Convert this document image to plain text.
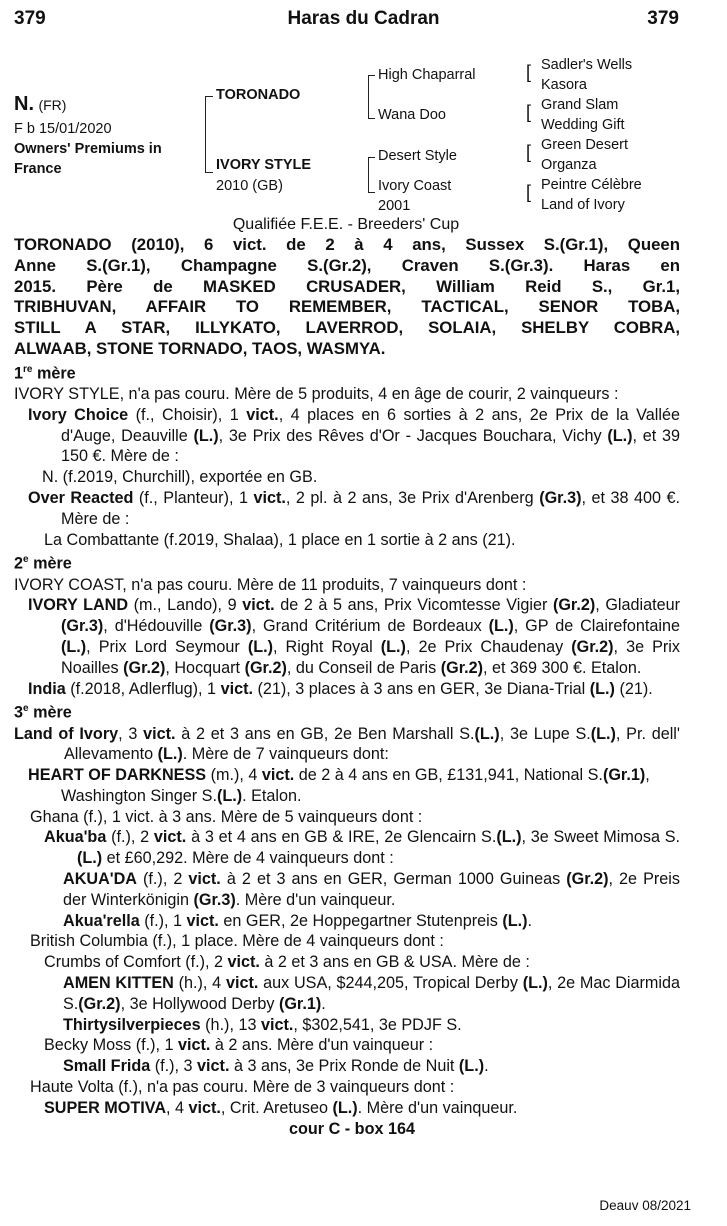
379	Haras du Cadran	379
N. (FR)
F b 15/01/2020
Owners' Premiums in
France
TORONADO
IVORY STYLE
2010 (GB)
High Chaparral
Wana Doo
Desert Style
Ivory Coast
2001
[ Sadler's Wells
Kasora
[ Grand Slam
Wedding Gift
[ Green Desert
Organza
[ Peintre Célèbre
Land of Ivory
Qualifiée F.E.E. - Breeders' Cup

TORONADO (2010), 6 vict. de 2 à 4 ans, Sussex S.(Gr.1), Queen

Anne S.(Gr.1), Champagne S.(Gr.2), Craven S.(Gr.3). Haras en

2015. Père de MASKED CRUSADER, William Reid S., Gr.1,

TRIBHUVAN, AFFAIR TO REMEMBER, TACTICAL, SENOR TOBA,

STILL A STAR, ILLYKATO, LAVERROD, SOLAIA, SHELBY COBRA,

ALWAAB, STONE TORNADO, TAOS, WASMYA.

1re mère

IVORY STYLE, n'a pas couru. Mère de 5 produits, 4 en âge de courir, 2 vainqueurs :

Ivory Choice (f., Choisir), 1 vict., 4 places en 6 sorties à 2 ans, 2e Prix de la Vallée d'Auge, Deauville (L.), 3e Prix des Rêves d'Or - Jacques Bouchara, Vichy (L.), et 39 150 €. Mère de :

N. (f.2019, Churchill), exportée en GB.

Over Reacted (f., Planteur), 1 vict., 2 pl. à 2 ans, 3e Prix d'Arenberg (Gr.3), et 38 400 €. Mère de :

La Combattante (f.2019, Shalaa), 1 place en 1 sortie à 2 ans (21).

2e mère

IVORY COAST, n'a pas couru. Mère de 11 produits, 7 vainqueurs dont :

IVORY LAND (m., Lando), 9 vict. de 2 à 5 ans, Prix Vicomtesse Vigier (Gr.2), Gladiateur (Gr.3), d'Hédouville (Gr.3), Grand Critérium de Bordeaux (L.), GP de Clairefontaine (L.), Prix Lord Seymour (L.), Right Royal (L.), 2e Prix Chaudenay (Gr.2), 3e Prix Noailles (Gr.2), Hocquart (Gr.2), du Conseil de Paris (Gr.2), et 369 300 €. Etalon.

India (f.2018, Adlerflug), 1 vict. (21), 3 places à 3 ans en GER, 3e Diana-Trial (L.) (21).

3e mère

Land of Ivory, 3 vict. à 2 et 3 ans en GB, 2e Ben Marshall S.(L.), 3e Lupe S.(L.), Pr. dell' Allevamento (L.). Mère de 7 vainqueurs dont:

HEART OF DARKNESS (m.), 4 vict. de 2 à 4 ans en GB, £131,941, National S.(Gr.1), Washington Singer S.(L.). Etalon.

Ghana (f.), 1 vict. à 3 ans. Mère de 5 vainqueurs dont :

Akua'ba (f.), 2 vict. à 3 et 4 ans en GB & IRE, 2e Glencairn S.(L.), 3e Sweet Mimosa S.(L.) et £60,292. Mère de 4 vainqueurs dont :

AKUA'DA (f.), 2 vict. à 2 et 3 ans en GER, German 1000 Guineas (Gr.2), 2e Preis der Winterkönigin (Gr.3). Mère d'un vainqueur.

Akua'rella (f.), 1 vict. en GER, 2e Hoppegartner Stutenpreis (L.).

British Columbia (f.), 1 place. Mère de 4 vainqueurs dont :

Crumbs of Comfort (f.), 2 vict. à 2 et 3 ans en GB & USA. Mère de :

AMEN KITTEN (h.), 4 vict. aux USA, $244,205, Tropical Derby (L.), 2e Mac Diarmida S.(Gr.2), 3e Hollywood Derby (Gr.1).

Thirtysilverpieces (h.), 13 vict., $302,541, 3e PDJF S.

Becky Moss (f.), 1 vict. à 2 ans. Mère d'un vainqueur :

Small Frida (f.), 3 vict. à 3 ans, 3e Prix Ronde de Nuit (L.).

Haute Volta (f.), n'a pas couru. Mère de 3 vainqueurs dont :

SUPER MOTIVA, 4 vict., Crit. Aretuseo (L.). Mère d'un vainqueur.

cour C - box 164

Deauv 08/2021
